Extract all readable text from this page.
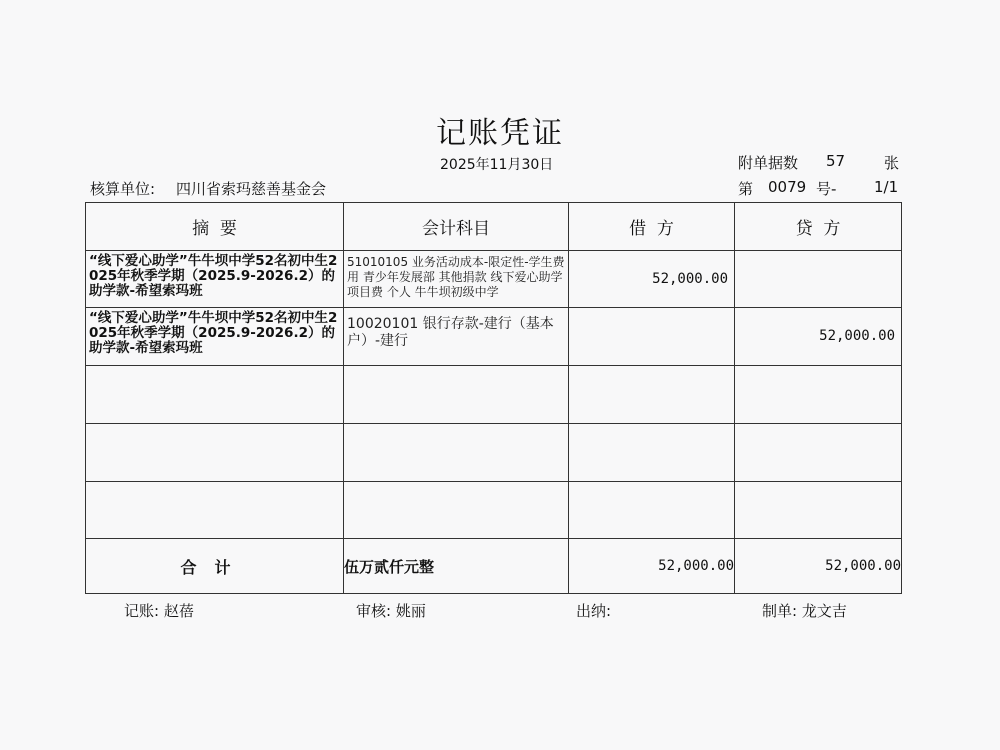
记账凭证
2025年11月30日	附单据数 57	张
核算单位: 四川省索玛慈善基金会	第 0079 号-	1/1
摘  要	会计科目	借  方	贷  方

“线下爱心助学”牛牛坝中学52名初中生2025年秋季学期（2025.9-2026.2）的助学款-希望索玛班	51010105 业务活动成本-限定性-学生费用 青少年发展部 其他捐款 线下爱心助学 项目费 个人 牛牛坝初级中学	52,000.00	

“线下爱心助学”牛牛坝中学52名初中生2025年秋季学期（2025.9-2026.2）的助学款-希望索玛班	10020101 银行存款-建行（基本户）-建行		52,000.00

合计	伍万贰仟元整	52,000.00	52,000.00
记账: 赵蓓	审核: 姚丽	出纳:	制单: 龙文吉
